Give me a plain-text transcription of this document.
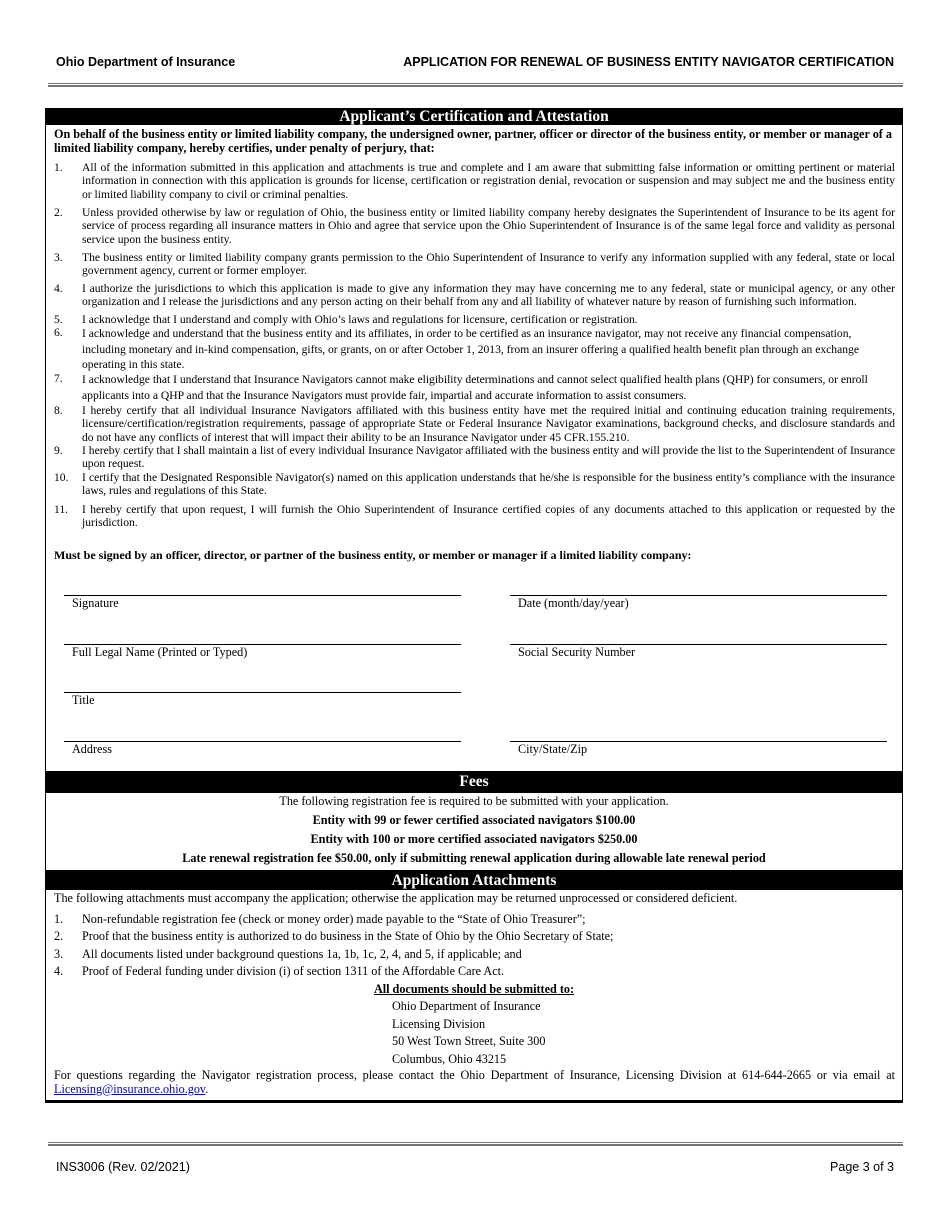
Ohio Department of Insurance	APPLICATION FOR RENEWAL OF BUSINESS ENTITY NAVIGATOR CERTIFICATION
Applicant’s Certification and Attestation
On behalf of the business entity or limited liability company, the undersigned owner, partner, officer or director of the business entity, or member or manager of a limited liability company, hereby certifies, under penalty of perjury, that:
1. All of the information submitted in this application and attachments is true and complete and I am aware that submitting false information or omitting pertinent or material information in connection with this application is grounds for license, certification or registration denial, revocation or suspension and may subject me and the business entity or limited liability company to civil or criminal penalties.
2. Unless provided otherwise by law or regulation of Ohio, the business entity or limited liability company hereby designates the Superintendent of Insurance to be its agent for service of process regarding all insurance matters in Ohio and agree that service upon the Ohio Superintendent of Insurance is of the same legal force and validity as personal service upon the business entity.
3. The business entity or limited liability company grants permission to the Ohio Superintendent of Insurance to verify any information supplied with any federal, state or local government agency, current or former employer.
4. I authorize the jurisdictions to which this application is made to give any information they may have concerning me to any federal, state or municipal agency, or any other organization and I release the jurisdictions and any person acting on their behalf from any and all liability of whatever nature by reason of furnishing such information.
5. I acknowledge that I understand and comply with Ohio’s laws and regulations for licensure, certification or registration.
6. I acknowledge and understand that the business entity and its affiliates, in order to be certified as an insurance navigator, may not receive any financial compensation, including monetary and in-kind compensation, gifts, or grants, on or after October 1, 2013, from an insurer offering a qualified health benefit plan through an exchange operating in this state.
7. I acknowledge that I understand that Insurance Navigators cannot make eligibility determinations and cannot select qualified health plans (QHP) for consumers, or enroll applicants into a QHP and that the Insurance Navigators must provide fair, impartial and accurate information to assist consumers.
8. I hereby certify that all individual Insurance Navigators affiliated with this business entity have met the required initial and continuing education training requirements, licensure/certification/registration requirements, passage of appropriate State or Federal Insurance Navigator examinations, background checks, and disclosure standards and do not have any conflicts of interest that will impact their ability to be an Insurance Navigator under 45 CFR.155.210.
9. I hereby certify that I shall maintain a list of every individual Insurance Navigator affiliated with the business entity and will provide the list to the Superintendent of Insurance upon request.
10. I certify that the Designated Responsible Navigator(s) named on this application understands that he/she is responsible for the business entity’s compliance with the insurance laws, rules and regulations of this State.
11. I hereby certify that upon request, I will furnish the Ohio Superintendent of Insurance certified copies of any documents attached to this application or requested by the jurisdiction.
Must be signed by an officer, director, or partner of the business entity, or member or manager if a limited liability company:
Signature	Date (month/day/year)
Full Legal Name (Printed or Typed)	Social Security Number
Title
Address	City/State/Zip
Fees
The following registration fee is required to be submitted with your application.
Entity with 99 or fewer certified associated navigators $100.00
Entity with 100 or more certified associated navigators $250.00
Late renewal registration fee $50.00, only if submitting renewal application during allowable late renewal period
Application Attachments
The following attachments must accompany the application; otherwise the application may be returned unprocessed or considered deficient.
1. Non-refundable registration fee (check or money order) made payable to the “State of Ohio Treasurer”;
2. Proof that the business entity is authorized to do business in the State of Ohio by the Ohio Secretary of State;
3. All documents listed under background questions 1a, 1b, 1c, 2, 4, and 5, if applicable; and
4. Proof of Federal funding under division (i) of section 1311 of the Affordable Care Act.
All documents should be submitted to:
Ohio Department of Insurance
Licensing Division
50 West Town Street, Suite 300
Columbus, Ohio 43215
For questions regarding the Navigator registration process, please contact the Ohio Department of Insurance, Licensing Division at 614-644-2665 or via email at Licensing@insurance.ohio.gov.
INS3006 (Rev. 02/2021)	Page 3 of 3
